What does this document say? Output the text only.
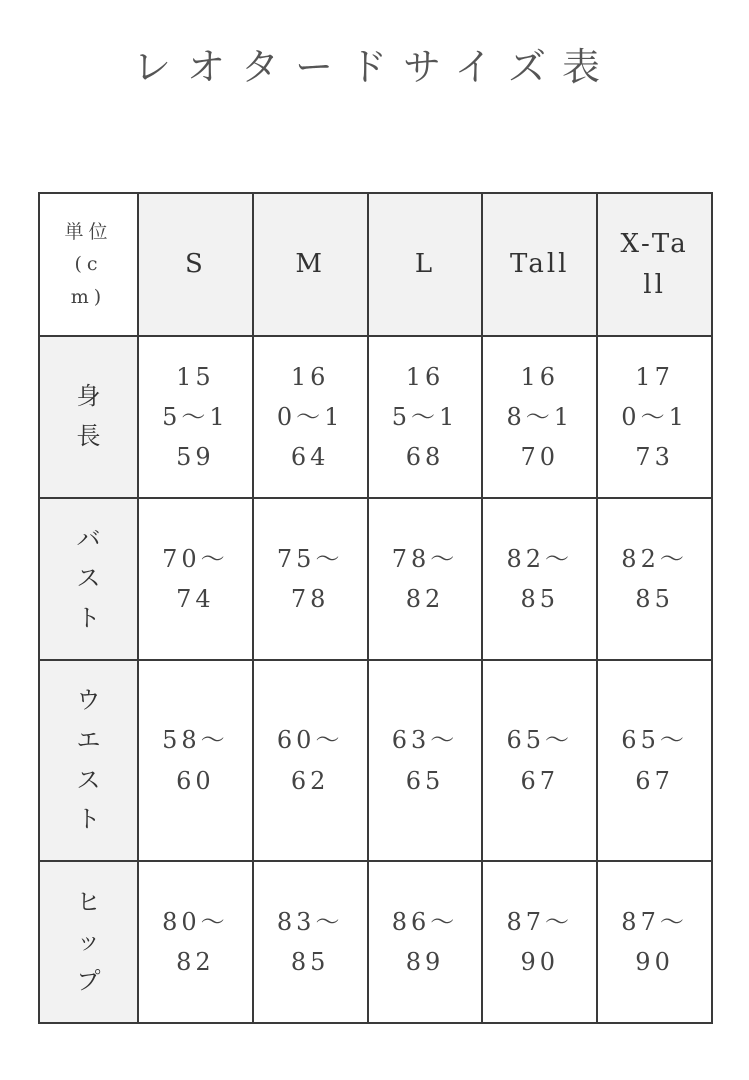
レオタードサイズ表
単位(cm)	S	M	L	Tall	X-Tall
身長	155〜159	160〜164	165〜168	168〜170	170〜173
バスト	70〜74	75〜78	78〜82	82〜85	82〜85
ウエスト	58〜60	60〜62	63〜65	65〜67	65〜67
ヒップ	80〜82	83〜85	86〜89	87〜90	87〜90
